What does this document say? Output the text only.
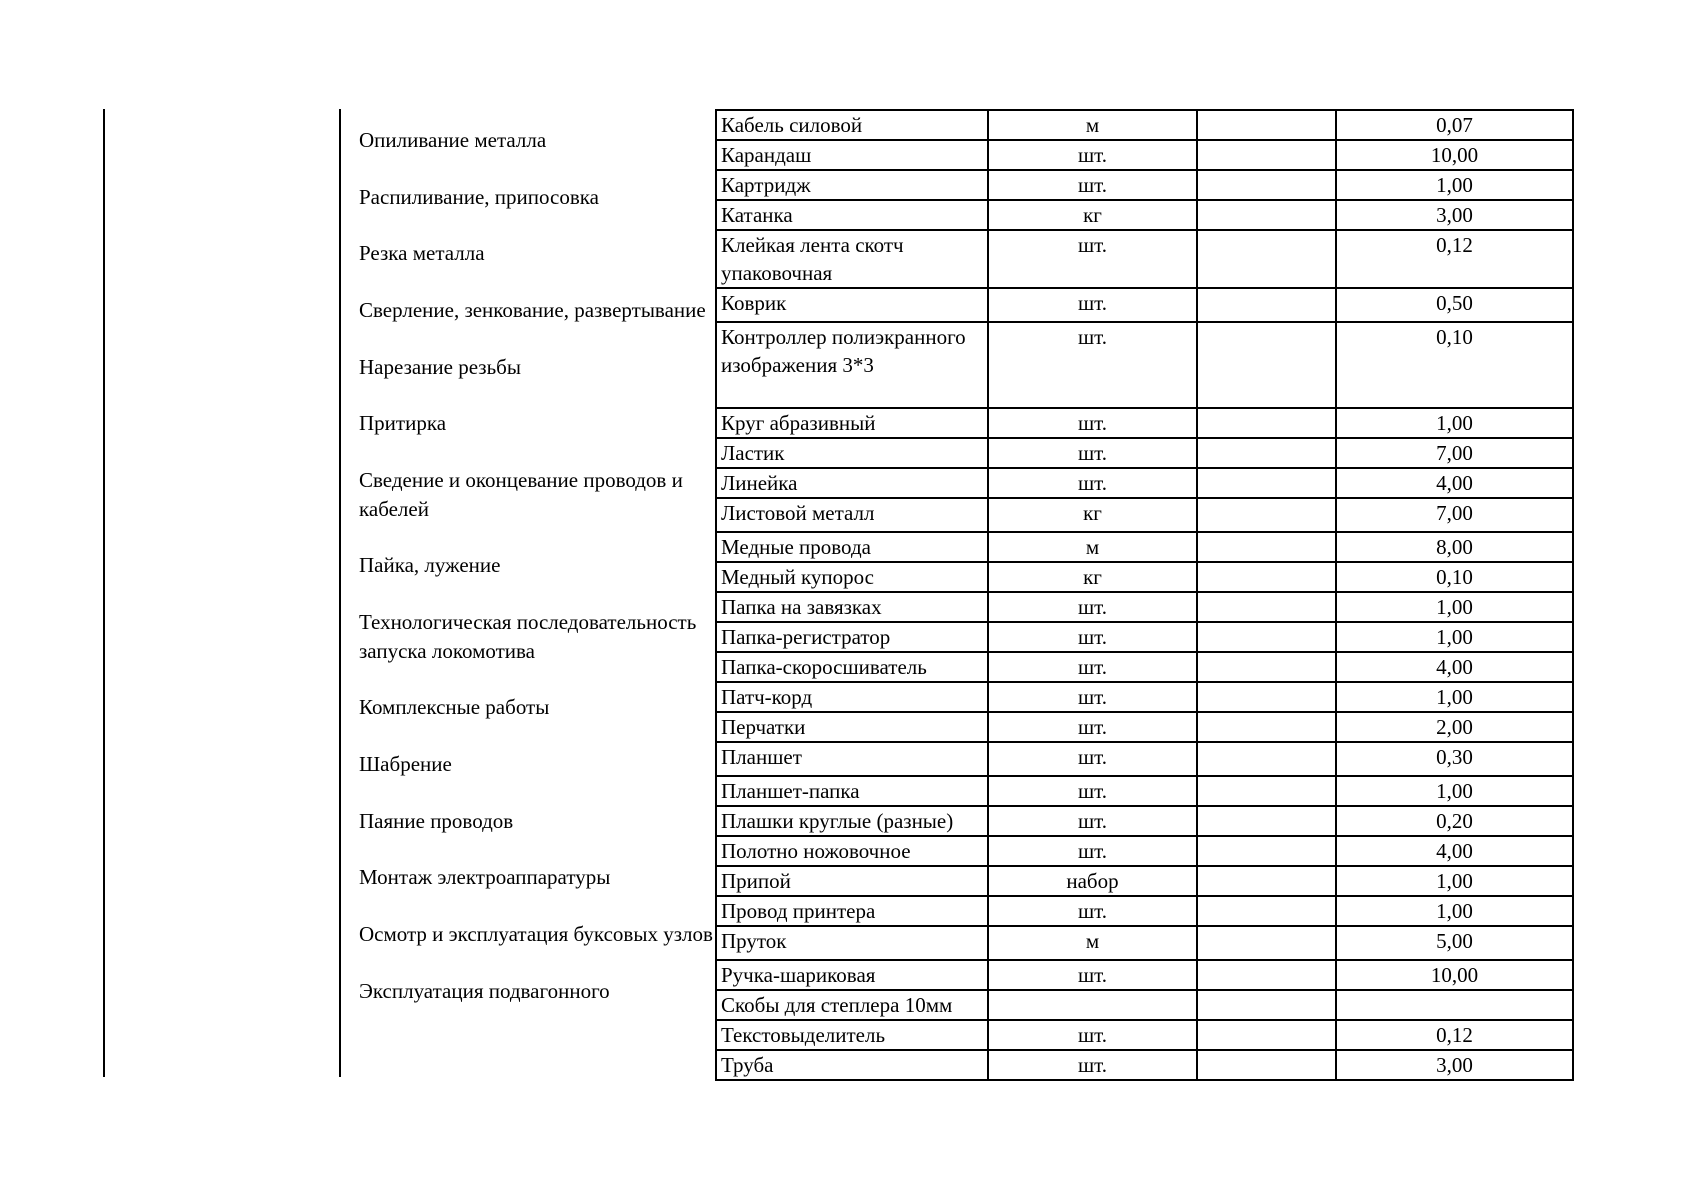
Опиливание металла
Распиливание, припосовка
Резка металла
Сверление, зенкование, развертывание
Нарезание резьбы
Притирка
Сведение и оконцевание проводов и кабелей
Пайка, лужение
Технологическая последовательность запуска локомотива
Комплексные работы
Шабрение
Паяние проводов
Монтаж электроаппаратуры
Осмотр и эксплуатация буксовых узлов
Эксплуатация подвагонного
Кабель силовой	м		0,07
Карандаш	шт.		10,00
Картридж	шт.		1,00
Катанка	кг		3,00
Клейкая лента скотч упаковочная	шт.		0,12
Коврик	шт.		0,50
Контроллер полиэкранного изображения 3*3	шт.		0,10
Круг абразивный	шт.		1,00
Ластик	шт.		7,00
Линейка	шт.		4,00
Листовой металл	кг		7,00
Медные провода	м		8,00
Медный купорос	кг		0,10
Папка на завязках	шт.		1,00
Папка-регистратор	шт.		1,00
Папка-скоросшиватель	шт.		4,00
Патч-корд	шт.		1,00
Перчатки	шт.		2,00
Планшет	шт.		0,30
Планшет-папка	шт.		1,00
Плашки круглые (разные)	шт.		0,20
Полотно ножовочное	шт.		4,00
Припой	набор		1,00
Провод принтера	шт.		1,00
Пруток	м		5,00
Ручка-шариковая	шт.		10,00
Скобы для степлера 10мм			
Текстовыделитель	шт.		0,12
Труба	шт.		3,00
